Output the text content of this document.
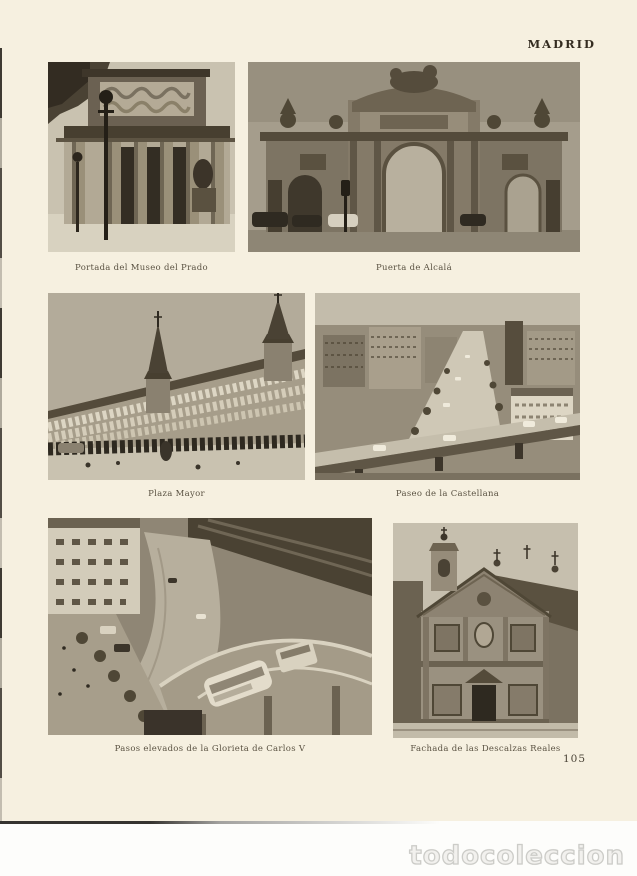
MADRID
Portada del Museo del Prado	Puerta de Alcalá
Plaza Mayor	Paseo de la Castellana
Pasos elevados de la Glorieta de Carlos V	Fachada de las Descalzas Reales
105
todocoleccion
